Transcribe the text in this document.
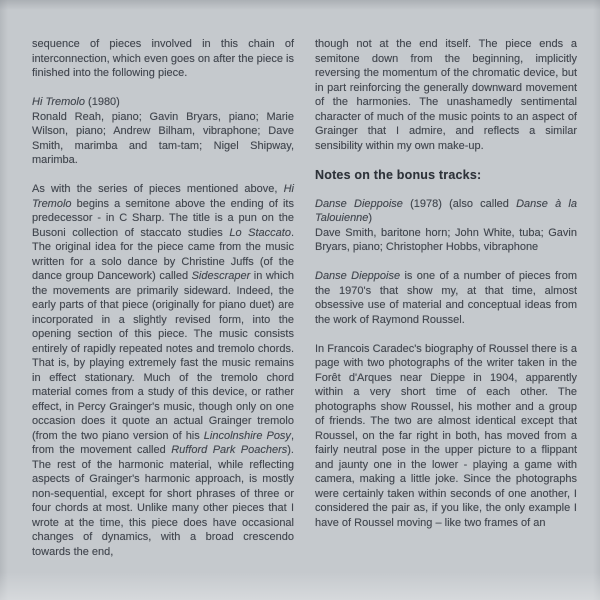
sequence of pieces involved in this chain of interconnection, which even goes on after the piece is finished into the following piece.

Hi Tremolo (1980)
Ronald Reah, piano; Gavin Bryars, piano; Marie Wilson, piano; Andrew Bilham, vibraphone; Dave Smith, marimba and tam-tam; Nigel Shipway, marimba.

As with the series of pieces mentioned above, Hi Tremolo begins a semitone above the ending of its predecessor - in C Sharp. The title is a pun on the Busoni collection of staccato studies Lo Staccato. The original idea for the piece came from the music written for a solo dance by Christine Juffs (of the dance group Dancework) called Sidescraper in which the movements are primarily sideward. Indeed, the early parts of that piece (originally for piano duet) are incorporated in a slightly revised form, into the opening section of this piece. The music consists entirely of rapidly repeated notes and tremolo chords. That is, by playing extremely fast the music remains in effect stationary. Much of the tremolo chord material comes from a study of this device, or rather effect, in Percy Grainger's music, though only on one occasion does it quote an actual Grainger tremolo (from the two piano version of his Lincolnshire Posy, from the movement called Rufford Park Poachers). The rest of the harmonic material, while reflecting aspects of Grainger's harmonic approach, is mostly non-sequential, except for short phrases of three or four chords at most. Unlike many other pieces that I wrote at the time, this piece does have occasional changes of dynamics, with a broad crescendo towards the end,

though not at the end itself. The piece ends a semitone down from the beginning, implicitly reversing the momentum of the chromatic device, but in part reinforcing the generally downward movement of the harmonies. The unashamedly sentimental character of much of the music points to an aspect of Grainger that I admire, and reflects a similar sensibility within my own make-up.

Notes on the bonus tracks:

Danse Dieppoise (1978) (also called Danse à la Talouienne)
Dave Smith, baritone horn; John White, tuba; Gavin Bryars, piano; Christopher Hobbs, vibraphone

Danse Dieppoise is one of a number of pieces from the 1970's that show my, at that time, almost obsessive use of material and conceptual ideas from the work of Raymond Roussel.

In Francois Caradec's biography of Roussel there is a page with two photographs of the writer taken in the Forêt d'Arques near Dieppe in 1904, apparently within a very short time of each other. The photographs show Roussel, his mother and a group of friends. The two are almost identical except that Roussel, on the far right in both, has moved from a fairly neutral pose in the upper picture to a flippant and jaunty one in the lower - playing a game with camera, making a little joke. Since the photographs were certainly taken within seconds of one another, I considered the pair as, if you like, the only example I have of Roussel moving – like two frames of an
